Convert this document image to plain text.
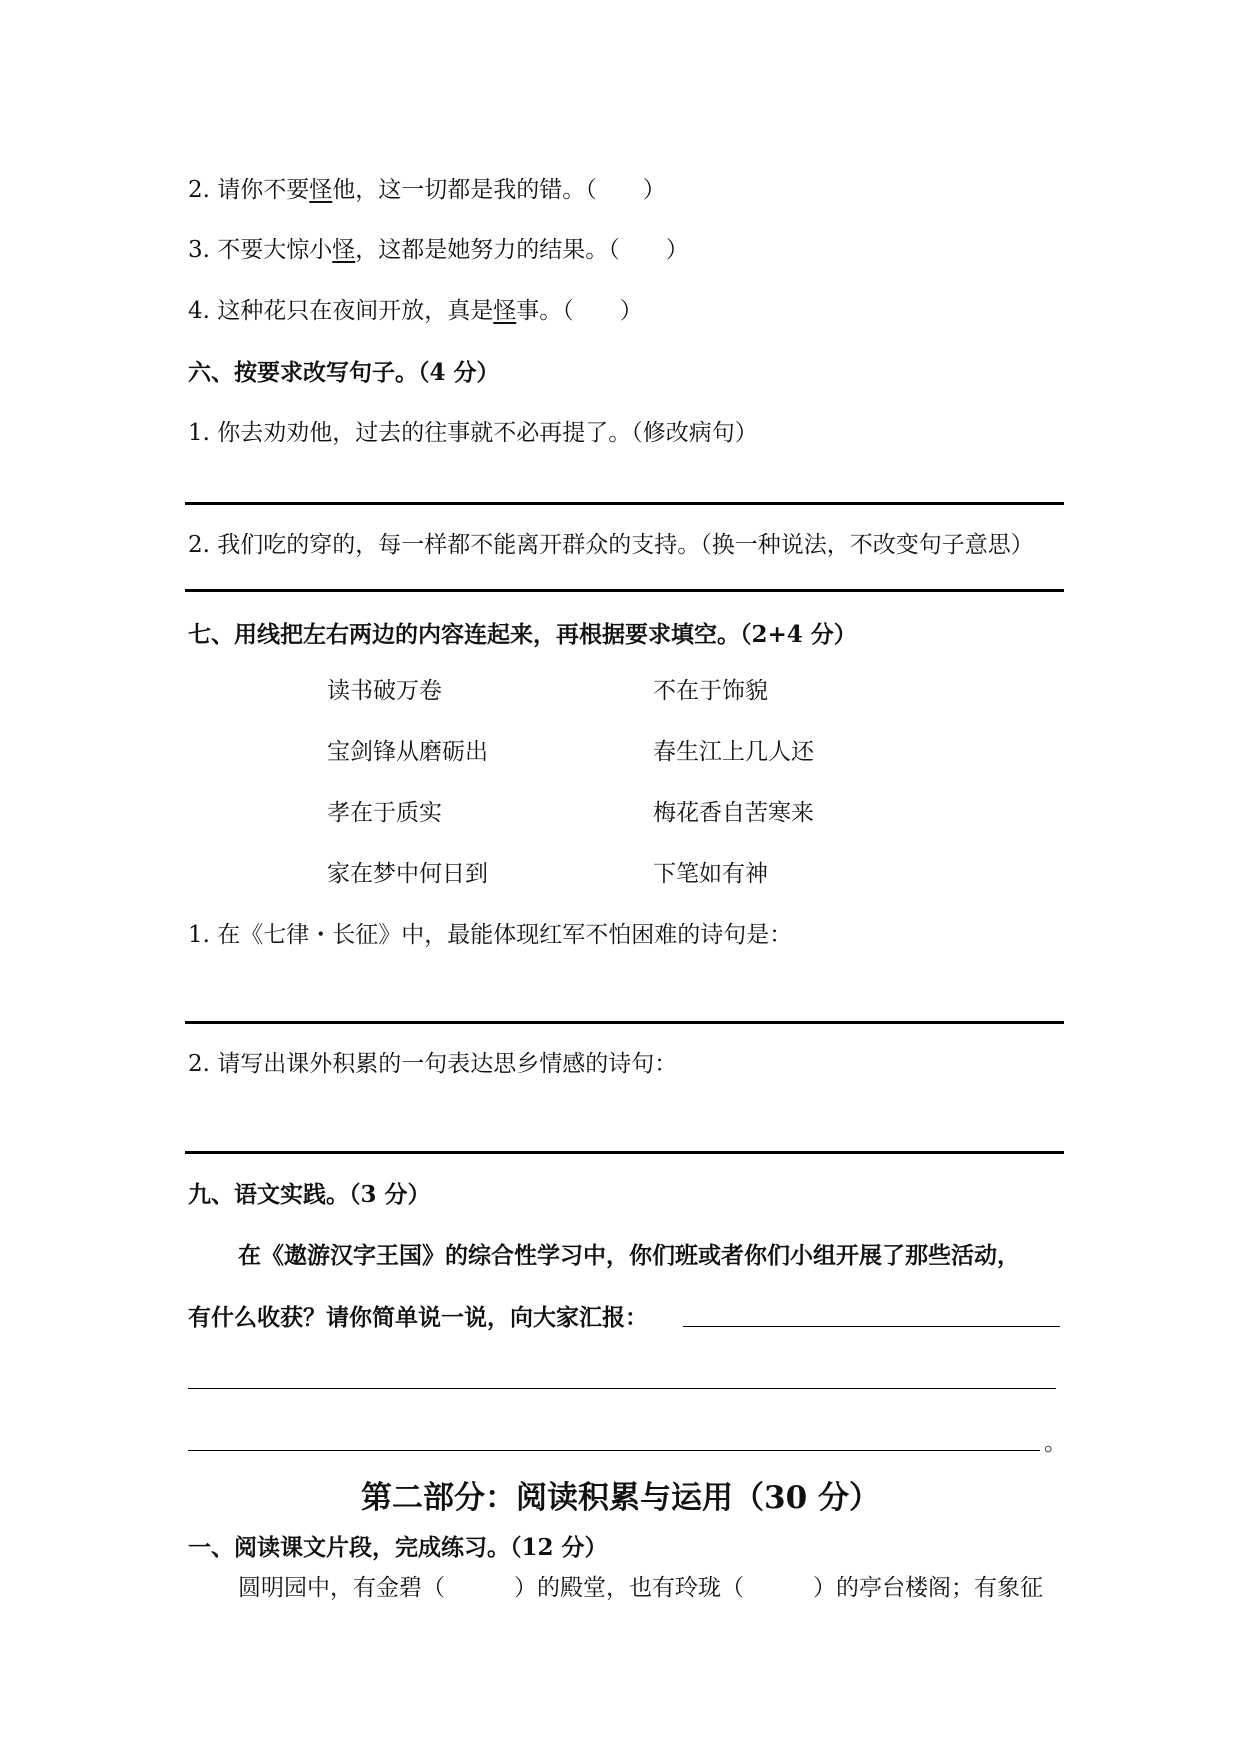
2. 请你不要怪他，这一切都是我的错。（　　）
3. 不要大惊小怪，这都是她努力的结果。（　　）
4. 这种花只在夜间开放，真是怪事。（　　）
六、按要求改写句子。（4 分）
1. 你去劝劝他，过去的往事就不必再提了。（修改病句）
2. 我们吃的穿的，每一样都不能离开群众的支持。（换一种说法，不改变句子意思）
七、用线把左右两边的内容连起来，再根据要求填空。（2+4 分）
读书破万卷
宝剑锋从磨砺出
孝在于质实
家在梦中何日到
不在于饰貌
春生江上几人还
梅花香自苦寒来
下笔如有神
1. 在《七律・长征》中，最能体现红军不怕困难的诗句是：
2. 请写出课外积累的一句表达思乡情感的诗句：
九、语文实践。（3 分）
在《遨游汉字王国》的综合性学习中，你们班或者你们小组开展了那些活动，
有什么收获？请你简单说一说，向大家汇报：
。
第二部分：阅读积累与运用（30 分）
一、阅读课文片段，完成练习。（12 分）
圆明园中，有金碧（　　　）的殿堂，也有玲珑（　　　）的亭台楼阁；有象征
